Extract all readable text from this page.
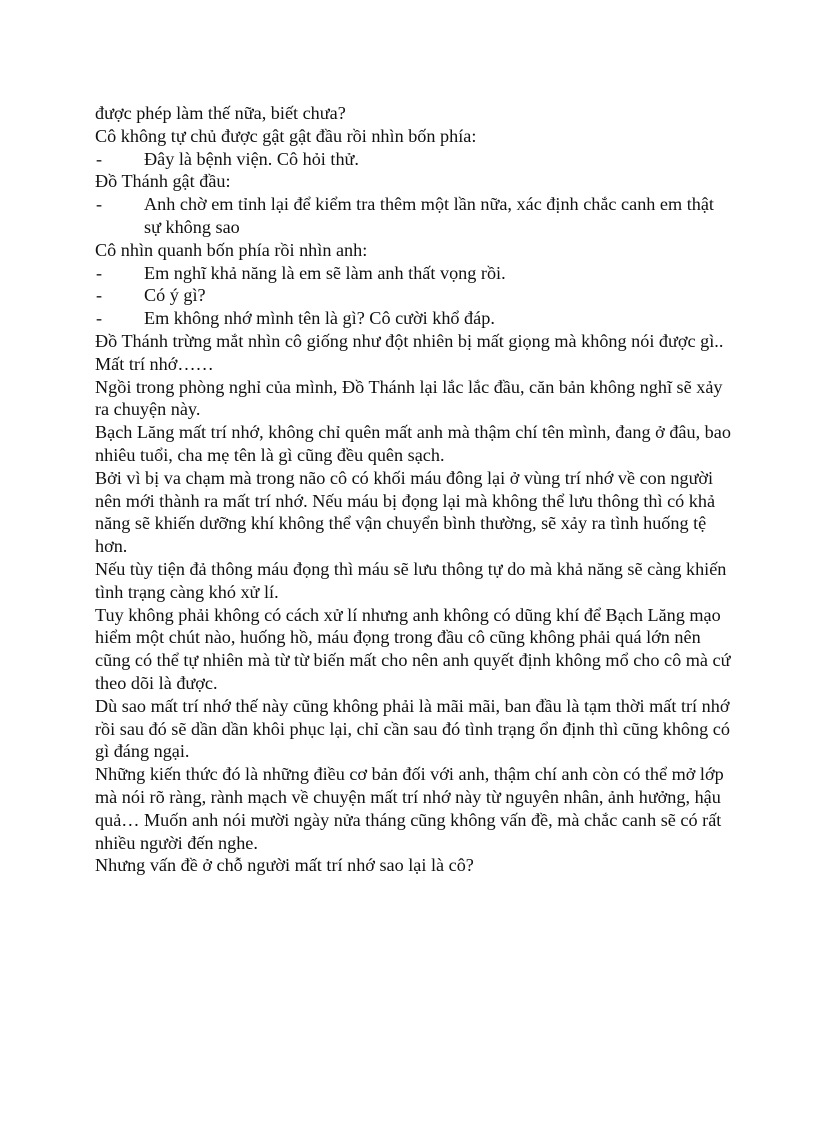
được phép làm thế nữa, biết chưa?

Cô không tự chủ được gật gật đầu rồi nhìn bốn phía:

- Đây là bệnh viện. Cô hỏi thử.

Đồ Thánh gật đầu:

- Anh chờ em tỉnh lại để kiểm tra thêm một lần nữa, xác định chắc canh em thật sự không sao

Cô nhìn quanh bốn phía rồi nhìn anh:

- Em nghĩ khả năng là em sẽ làm anh thất vọng rồi.

- Có ý gì?

- Em không nhớ mình tên là gì? Cô cười khổ đáp.

Đồ Thánh trừng mắt nhìn cô giống như đột nhiên bị mất giọng mà không nói được gì..

Mất trí nhớ……

Ngồi trong phòng nghỉ của mình, Đồ Thánh lại lắc lắc đầu, căn bản không nghĩ sẽ xảy ra chuyện này.

Bạch Lăng mất trí nhớ, không chỉ quên mất anh mà thậm chí tên mình, đang ở đâu, bao nhiêu tuổi, cha mẹ tên là gì cũng đều quên sạch.

Bởi vì bị va chạm mà trong não cô có khối máu đông lại ở vùng trí nhớ về con người nên mới thành ra mất trí nhớ. Nếu máu bị đọng lại mà không thể lưu thông thì có khả năng sẽ khiến dưỡng khí không thể vận chuyển bình thường, sẽ xảy ra tình huống tệ hơn.

Nếu tùy tiện đả thông máu đọng thì máu sẽ lưu thông tự do mà khả năng sẽ càng khiến tình trạng càng khó xử lí.

Tuy không phải không có cách xử lí nhưng anh không có dũng khí để Bạch Lăng mạo hiểm một chút nào, huống hồ, máu đọng trong đầu cô cũng không phải quá lớn nên cũng có thể tự nhiên mà từ từ biến mất cho nên anh quyết định không mổ cho cô mà cứ theo dõi là được.

Dù sao mất trí nhớ thế này cũng không phải là mãi mãi, ban đầu là tạm thời mất trí nhớ rồi sau đó sẽ dần dần khôi phục lại, chỉ cần sau đó tình trạng ổn định thì cũng không có gì đáng ngại.

Những kiến thức đó là những điều cơ bản đối với anh, thậm chí anh còn có thể mở lớp mà nói rõ ràng, rành mạch về chuyện mất trí nhớ này từ nguyên nhân, ảnh hưởng, hậu quả… Muốn anh nói mười ngày nửa tháng cũng không vấn đề, mà chắc canh sẽ có rất nhiều người đến nghe.

Nhưng vấn đề ở chỗ người mất trí nhớ sao lại là cô?
